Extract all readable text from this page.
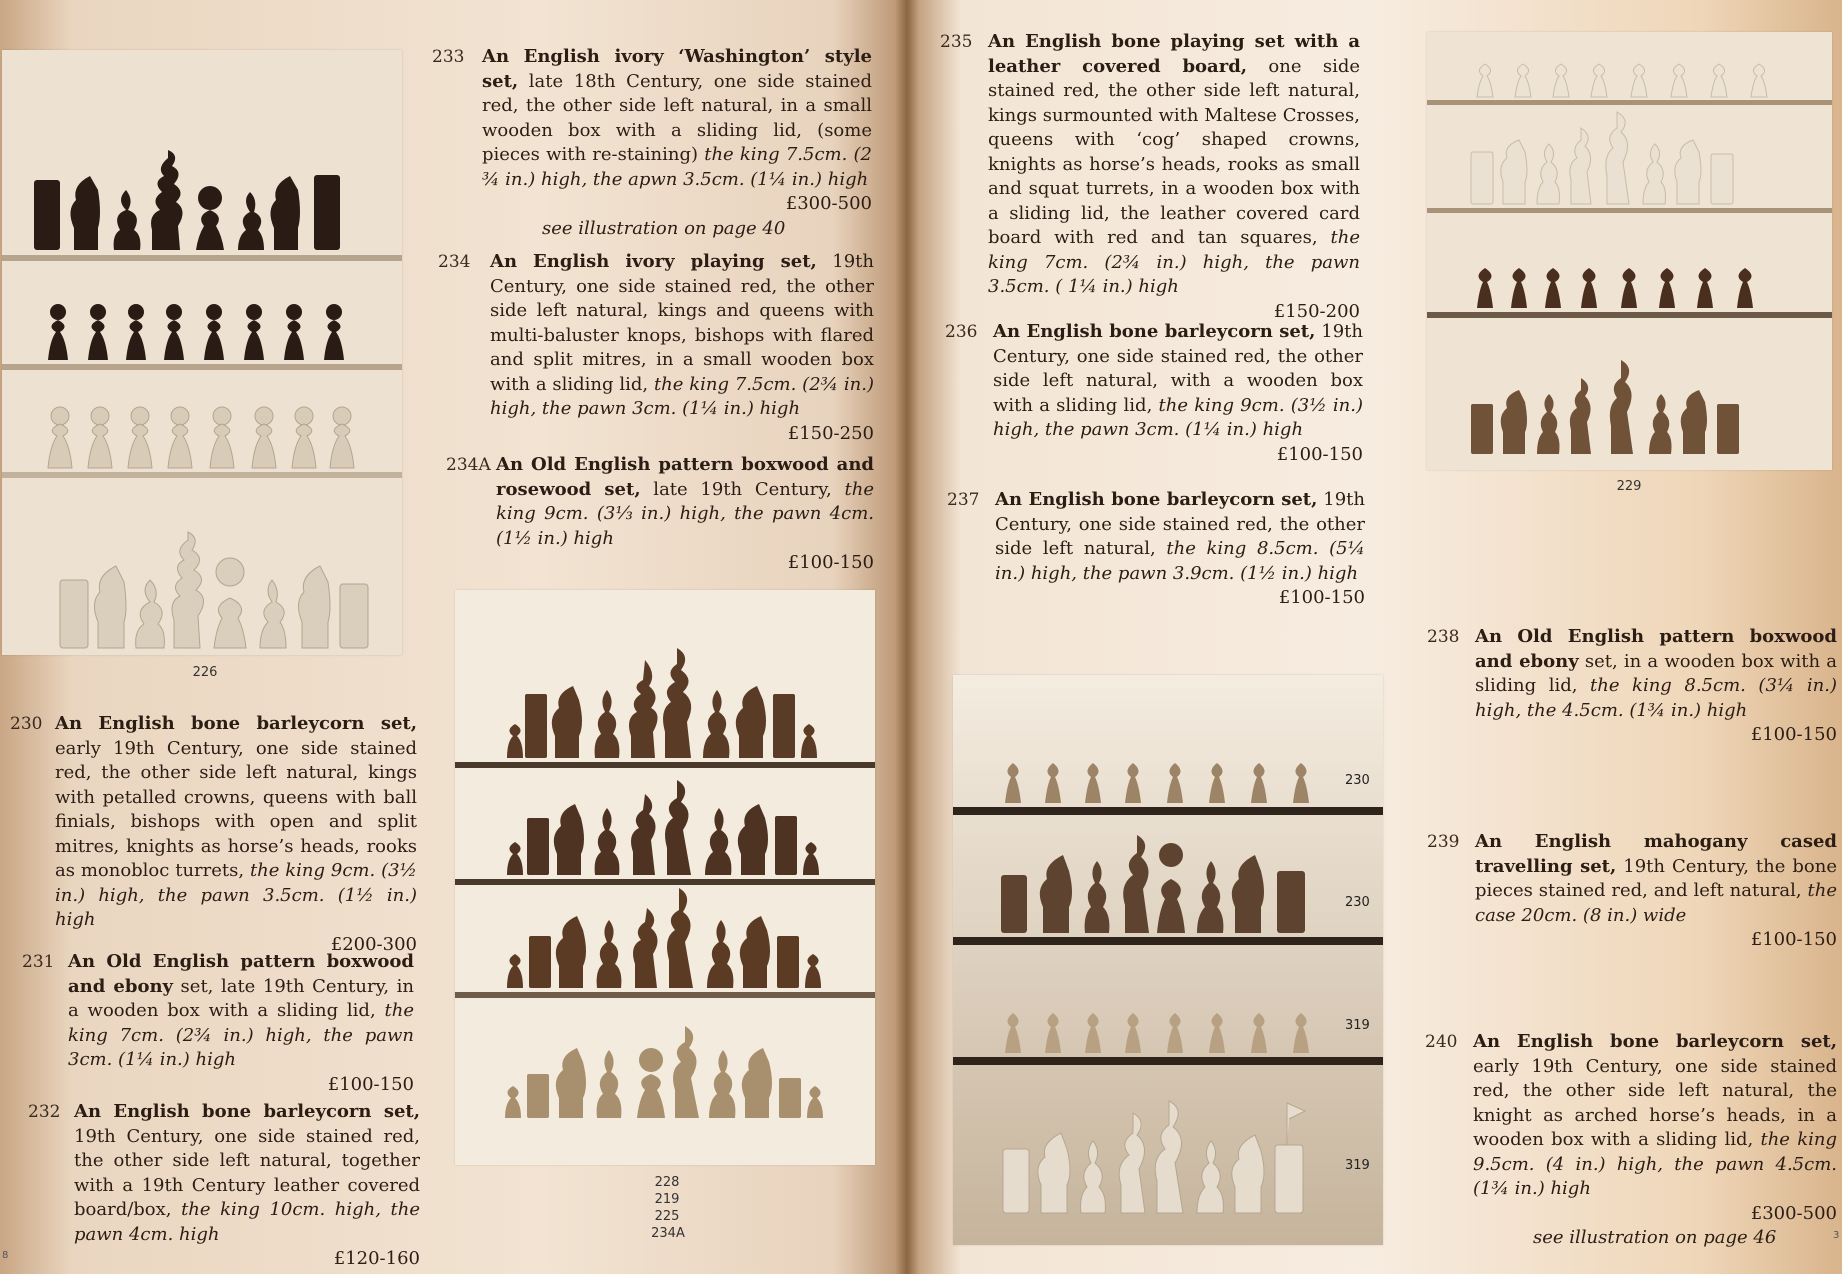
226
228
219
225
234A
233 An English ivory ‘Washington’ style set, late 18th Century, one side stained red, the other side left natural, in a small wooden box with a sliding lid, (some pieces with re-staining) the king 7.5cm. (2 ¾ in.) high, the apwn 3.5cm. (1¼ in.) high
£300-500
see illustration on page 40
234 An English ivory playing set, 19th Century, one side stained red, the other side left natural, kings and queens with multi-baluster knops, bishops with flared and split mitres, in a small wooden box with a sliding lid, the king 7.5cm. (2¾ in.) high, the pawn 3cm. (1¼ in.) high
£150-250
234A An Old English pattern boxwood and rosewood set, late 19th Century, the king 9cm. (3⅓ in.) high, the pawn 4cm. (1½ in.) high
£100-150
230 An English bone barleycorn set, early 19th Century, one side stained red, the other side left natural, kings with petalled crowns, queens with ball finials, bishops with open and split mitres, knights as horse’s heads, rooks as monobloc turrets, the king 9cm. (3½ in.) high, the pawn 3.5cm. (1½ in.) high
£200-300
231 An Old English pattern boxwood and ebony set, late 19th Century, in a wooden box with a sliding lid, the king 7cm. (2¾ in.) high, the pawn 3cm. (1¼ in.) high
£100-150
232 An English bone barleycorn set, 19th Century, one side stained red, the other side left natural, together with a 19th Century leather covered board/box, the king 10cm. high, the pawn 4cm. high
£120-160
8
235 An English bone playing set with a leather covered board, one side stained red, the other side left natural, kings surmounted with Maltese Crosses, queens with ‘cog’ shaped crowns, knights as horse’s heads, rooks as small and squat turrets, in a wooden box with a sliding lid, the leather covered card board with red and tan squares, the king 7cm. (2¾ in.) high, the pawn 3.5cm. ( 1¼ in.) high
£150-200
236 An English bone barleycorn set, 19th Century, one side stained red, the other side left natural, with a wooden box with a sliding lid, the king 9cm. (3½ in.) high, the pawn 3cm. (1¼ in.) high
£100-150
237 An English bone barleycorn set, 19th Century, one side stained red, the other side left natural, the king 8.5cm. (5¼ in.) high, the pawn 3.9cm. (1½ in.) high
£100-150
229
230
230
319
319
238 An Old English pattern boxwood and ebony set, in a wooden box with a sliding lid, the king 8.5cm. (3¼ in.) high, the 4.5cm. (1¾ in.) high
£100-150
239 An English mahogany cased travelling set, 19th Century, the bone pieces stained red, and left natural, the case 20cm. (8 in.) wide
£100-150
240 An English bone barleycorn set, early 19th Century, one side stained red, the other side left natural, the knight as arched horse’s heads, in a wooden box with a sliding lid, the king 9.5cm. (4 in.) high, the pawn 4.5cm. (1¾ in.) high
£300-500
see illustration on page 46	3
